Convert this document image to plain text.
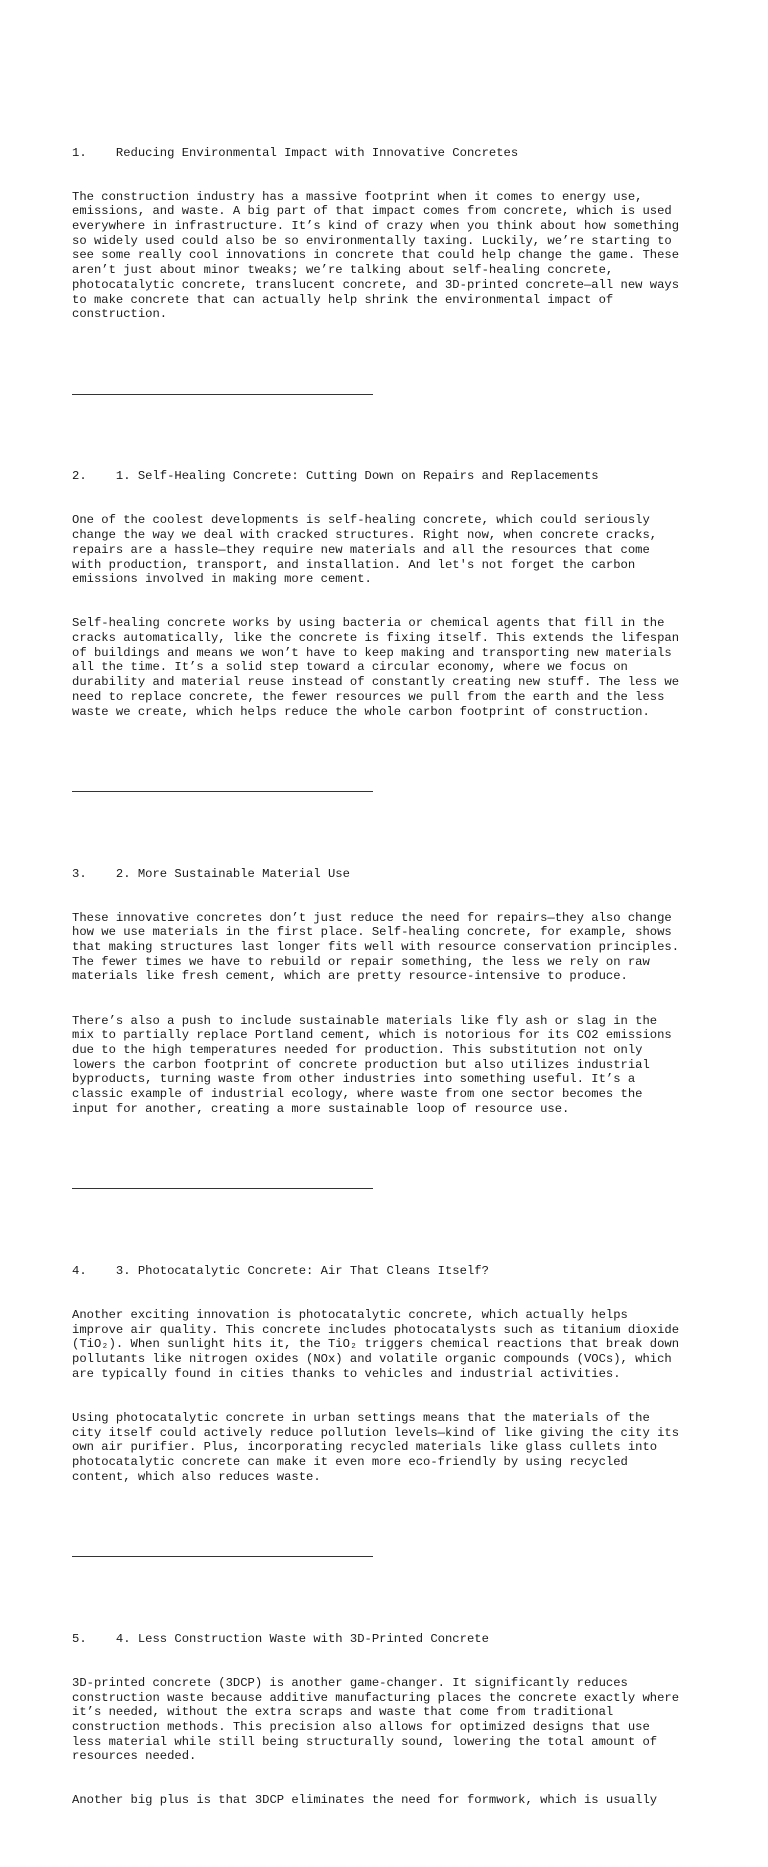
1.    Reducing Environmental Impact with Innovative Concretes

The construction industry has a massive footprint when it comes to energy use,
emissions, and waste. A big part of that impact comes from concrete, which is used
everywhere in infrastructure. It’s kind of crazy when you think about how something
so widely used could also be so environmentally taxing. Luckily, we’re starting to
see some really cool innovations in concrete that could help change the game. These
aren’t just about minor tweaks; we’re talking about self-healing concrete,
photocatalytic concrete, translucent concrete, and 3D-printed concrete—all new ways
to make concrete that can actually help shrink the environmental impact of
construction.

2.    1. Self-Healing Concrete: Cutting Down on Repairs and Replacements

One of the coolest developments is self-healing concrete, which could seriously
change the way we deal with cracked structures. Right now, when concrete cracks,
repairs are a hassle—they require new materials and all the resources that come
with production, transport, and installation. And let's not forget the carbon
emissions involved in making more cement.

Self-healing concrete works by using bacteria or chemical agents that fill in the
cracks automatically, like the concrete is fixing itself. This extends the lifespan
of buildings and means we won’t have to keep making and transporting new materials
all the time. It’s a solid step toward a circular economy, where we focus on
durability and material reuse instead of constantly creating new stuff. The less we
need to replace concrete, the fewer resources we pull from the earth and the less
waste we create, which helps reduce the whole carbon footprint of construction.

3.    2. More Sustainable Material Use

These innovative concretes don’t just reduce the need for repairs—they also change
how we use materials in the first place. Self-healing concrete, for example, shows
that making structures last longer fits well with resource conservation principles.
The fewer times we have to rebuild or repair something, the less we rely on raw
materials like fresh cement, which are pretty resource-intensive to produce.

There’s also a push to include sustainable materials like fly ash or slag in the
mix to partially replace Portland cement, which is notorious for its CO2 emissions
due to the high temperatures needed for production. This substitution not only
lowers the carbon footprint of concrete production but also utilizes industrial
byproducts, turning waste from other industries into something useful. It’s a
classic example of industrial ecology, where waste from one sector becomes the
input for another, creating a more sustainable loop of resource use.

4.    3. Photocatalytic Concrete: Air That Cleans Itself?

Another exciting innovation is photocatalytic concrete, which actually helps
improve air quality. This concrete includes photocatalysts such as titanium dioxide
(TiO₂). When sunlight hits it, the TiO₂ triggers chemical reactions that break down
pollutants like nitrogen oxides (NOx) and volatile organic compounds (VOCs), which
are typically found in cities thanks to vehicles and industrial activities.

Using photocatalytic concrete in urban settings means that the materials of the
city itself could actively reduce pollution levels—kind of like giving the city its
own air purifier. Plus, incorporating recycled materials like glass cullets into
photocatalytic concrete can make it even more eco-friendly by using recycled
content, which also reduces waste.

5.    4. Less Construction Waste with 3D-Printed Concrete

3D-printed concrete (3DCP) is another game-changer. It significantly reduces
construction waste because additive manufacturing places the concrete exactly where
it’s needed, without the extra scraps and waste that come from traditional
construction methods. This precision also allows for optimized designs that use
less material while still being structurally sound, lowering the total amount of
resources needed.

Another big plus is that 3DCP eliminates the need for formwork, which is usually
